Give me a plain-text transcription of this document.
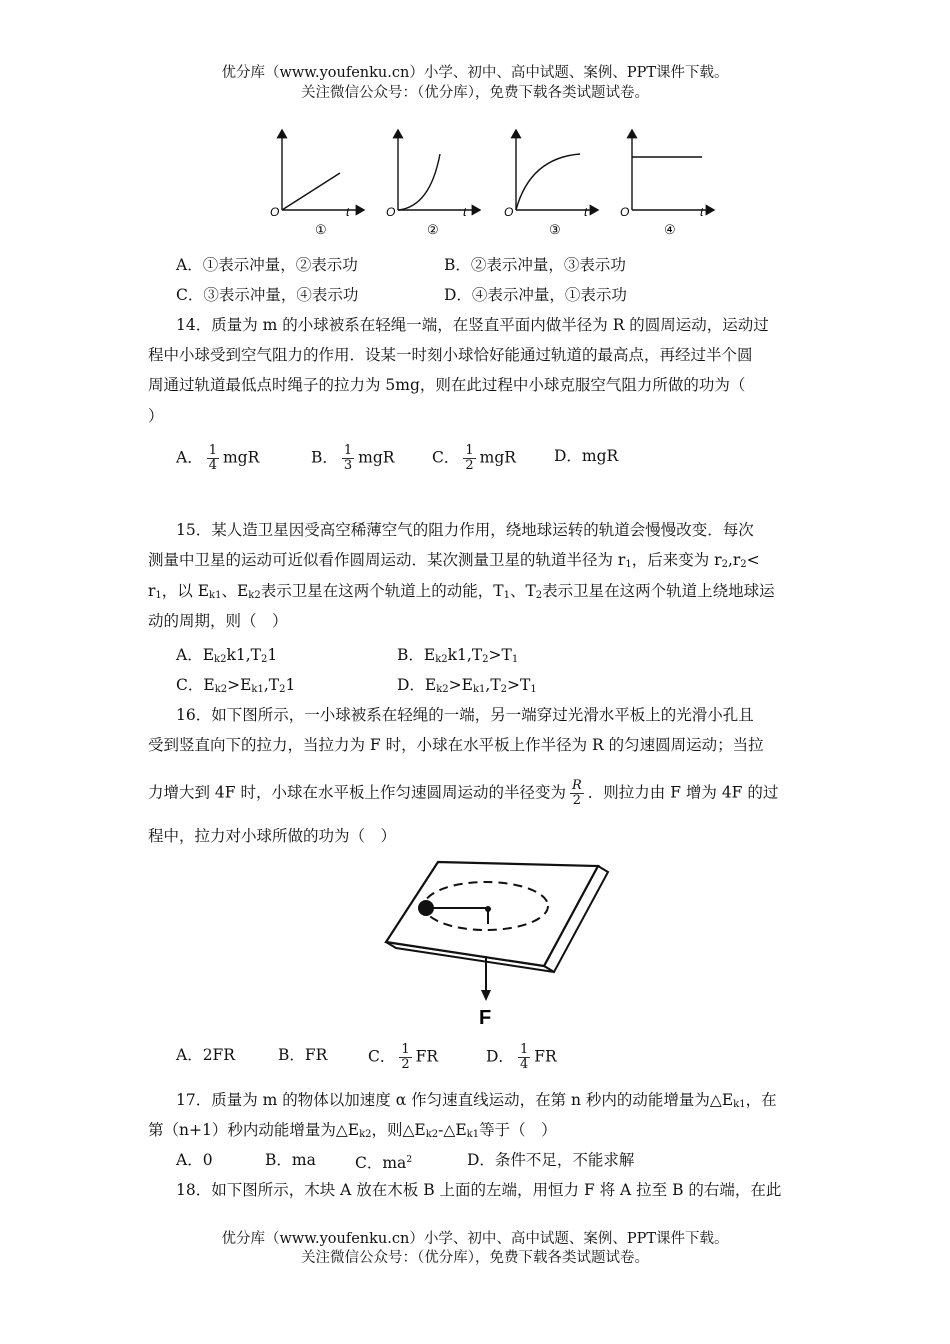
优分库（www.youfenku.cn）小学、初中、高中试题、案例、PPT课件下载。
关注微信公众号：（优分库），免费下载各类试题试卷。
O	t
①
O	t
②
O	t
③
O	t
④
A．①表示冲量，②表示功	B．②表示冲量，③表示功
C．③表示冲量，④表示功	D．④表示冲量，①表示功
14．质量为 m 的小球被系在轻绳一端，在竖直平面内做半径为 R 的圆周运动，运动过
程中小球受到空气阻力的作用．设某一时刻小球恰好能通过轨道的最高点，再经过半个圆
周通过轨道最低点时绳子的拉力为 5mg，则在此过程中小球克服空气阻力所做的功为（
）
A． $\frac{1}{4}$ mgR	B． $\frac{1}{3}$ mgR C． $\frac{1}{2}$ mgR D．mgR
15．某人造卫星因受高空稀薄空气的阻力作用，绕地球运转的轨道会慢慢改变．每次
测量中卫星的运动可近似看作圆周运动．某次测量卫星的轨道半径为 $r_1$，后来变为 $r_2,r_2<$
$r_1$，以 $E_{k1}$、$E_{k2}$表示卫星在这两个轨道上的动能，$T_1$、$T_2$表示卫星在这两个轨道上绕地球运
动的周期，则（　）
A．$E_{k2}k1,T_21$	B．$E_{k2}k1,T_2>T_1$
C．$E_{k2}>E_{k1},T_21$	D．$E_{k2}>E_{k1},T_2>T_1$
16．如下图所示，一小球被系在轻绳的一端，另一端穿过光滑水平板上的光滑小孔且
受到竖直向下的拉力，当拉力为 F 时，小球在水平板上作半径为 R 的匀速圆周运动；当拉
力增大到 4F 时，小球在水平板上作匀速圆周运动的半径变为 $\frac{R}{2}$ ．则拉力由 F 增为 4F 的过
程中，拉力对小球所做的功为（　）
F
A．2FR	B．FR	C． $\frac{1}{2}$ FR	D． $\frac{1}{4}$ FR
17．质量为 m 的物体以加速度 α 作匀速直线运动，在第 n 秒内的动能增量为$\triangle E_{k1}$，在
第（n+1）秒内动能增量为$\triangle E_{k2}$，则$\triangle E_{k2}-\triangle E_{k1}$等于（　）
A．0	B．ma	C．$ma^2$	D．条件不足，不能求解
18．如下图所示，木块 A 放在木板 B 上面的左端，用恒力 F 将 A 拉至 B 的右端，在此
优分库（www.youfenku.cn）小学、初中、高中试题、案例、PPT课件下载。
关注微信公众号：（优分库），免费下载各类试题试卷。
